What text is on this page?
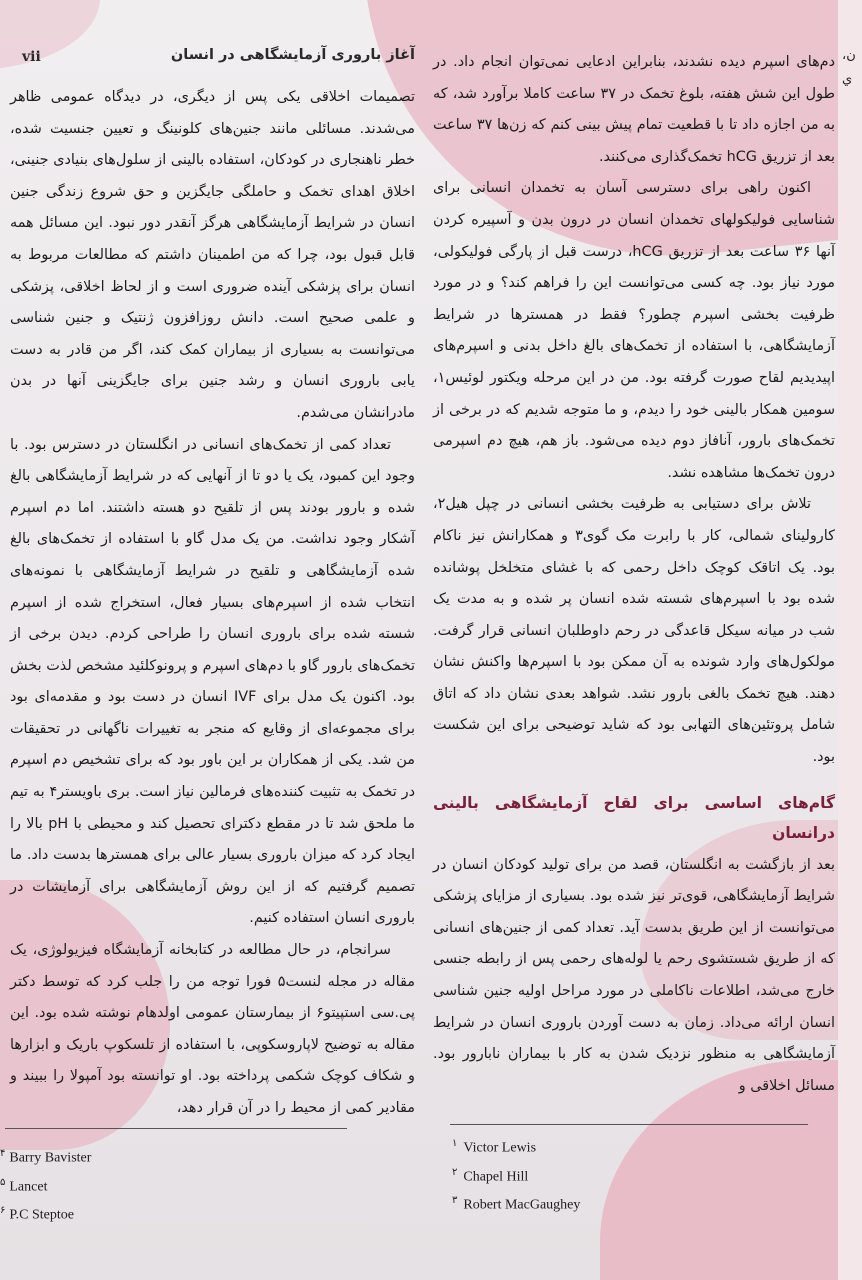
ن،
ي
آغاز باروری آزمایشگاهی در انسان
vii

تصمیمات اخلاقی یکی پس از دیگری، در دیدگاه عمومی ظاهر می‌شدند. مسائلی مانند جنین‌های کلونینگ و تعیین جنسیت شده، خطر ناهنجاری در کودکان، استفاده بالینی از سلول‌های بنیادی جنینی، اخلاق اهدای تخمک و حاملگی جایگزین و حق شروع زندگی جنین انسان در شرایط آزمایشگاهی هرگز آنقدر دور نبود. این مسائل همه قابل قبول بود، چرا که من اطمینان داشتم که مطالعات مربوط به انسان برای پزشکی آینده ضروری است و از لحاظ اخلاقی، پزشکی و علمی صحیح است. دانش روزافزون ژنتیک و جنین شناسی می‌توانست به بسیاری از بیماران کمک کند، اگر من قادر به دست یابی باروری انسان و رشد جنین برای جایگزینی آنها در بدن مادرانشان می‌شدم.

تعداد کمی از تخمک‌های انسانی در انگلستان در دسترس بود. با وجود این کمبود، یک یا دو تا از آنهایی که در شرایط آزمایشگاهی بالغ شده و بارور بودند پس از تلقیح دو هسته داشتند. اما دم اسپرم آشکار وجود نداشت. من یک مدل گاو با استفاده از تخمک‌های بالغ شده آزمایشگاهی و تلقیح در شرایط آزمایشگاهی با نمونه‌های انتخاب شده از اسپرم‌های بسیار فعال، استخراج شده از اسپرم شسته شده برای باروری انسان را طراحی کردم. دیدن برخی از تخمک‌های بارور گاو با دم‌های اسپرم و پرونوکلئید مشخص لذت بخش بود. اکنون یک مدل برای IVF انسان در دست بود و مقدمه‌ای بود برای مجموعه‌ای از وقایع که منجر به تغییرات ناگهانی در تحقیقات من شد. یکی از همکاران بر این باور بود که برای تشخیص دم اسپرم در تخمک به تثبیت کننده‌های فرمالین نیاز است. بری باویستر۴ به تیم ما ملحق شد تا در مقطع دکترای تحصیل کند و محیطی با pH بالا را ایجاد کرد که میزان باروری بسیار عالی برای همسترها بدست داد. ما تصمیم گرفتیم که از این روش آزمایشگاهی برای آزمایشات در باروری انسان استفاده کنیم.

سرانجام، در حال مطالعه در کتابخانه آزمایشگاه فیزیولوژی، یک مقاله در مجله لنست۵ فورا توجه من را جلب کرد که توسط دکتر پی.سی استپیتو۶ از بیمارستان عمومی اولدهام نوشته شده بود. این مقاله به توضیح لاپاروسکوپی، با استفاده از تلسکوپ باریک و ابزارها و شکاف کوچک شکمی پرداخته بود. او توانسته بود آمپولا را ببیند و مقادیر کمی از محیط را در آن قرار دهد،

دم‌های اسپرم دیده نشدند، بنابراین ادعایی نمی‌توان انجام داد. در طول این شش هفته، بلوغ تخمک در ۳۷ ساعت کاملا برآورد شد، که به من اجازه داد تا با قطعیت تمام پیش بینی کنم که زن‌ها ۳۷ ساعت بعد از تزریق hCG تخمک‌گذاری می‌کنند.

اکنون راهی برای دسترسی آسان به تخمدان انسانی برای شناسایی فولیکولهای تخمدان انسان در درون بدن و آسپیره کردن آنها ۳۶ ساعت بعد از تزریق hCG، درست قبل از پارگی فولیکولی، مورد نیاز بود. چه کسی می‌توانست این را فراهم کند؟ و در مورد ظرفیت بخشی اسپرم چطور؟ فقط در همسترها در شرایط آزمایشگاهی، با استفاده از تخمک‌های بالغ داخل بدنی و اسپرم‌های اپیدیدیم لقاح صورت گرفته بود. من در این مرحله ویکتور لوئیس۱، سومین همکار بالینی خود را دیدم، و ما متوجه شدیم که در برخی از تخمک‌های بارور، آنافاز دوم دیده می‌شود. باز هم، هیچ دم اسپرمی درون تخمک‌ها مشاهده نشد.

تلاش برای دستیابی به ظرفیت بخشی انسانی در چپل هیل۲، کارولینای شمالی، کار با رابرت مک گوی۳ و همکارانش نیز ناکام بود. یک اتاقک کوچک داخل رحمی که با غشای متخلخل پوشانده شده بود با اسپرم‌های شسته شده انسان پر شده و به مدت یک شب در میانه سیکل قاعدگی در رحم داوطلبان انسانی قرار گرفت. مولکول‌های وارد شونده به آن ممکن بود با اسپرم‌ها واکنش نشان دهند. هیچ تخمک بالغی بارور نشد. شواهد بعدی نشان داد که اتاق شامل پروتئین‌های التهابی بود که شاید توضیحی برای این شکست بود.

گام‌های اساسی برای لقاح آزمایشگاهی بالینی درانسان

بعد از بازگشت به انگلستان، قصد من برای تولید کودکان انسان در شرایط آزمایشگاهی، قوی‌تر نیز شده بود. بسیاری از مزایای پزشکی می‌توانست از این طریق بدست آید. تعداد کمی از جنین‌های انسانی که از طریق شستشوی رحم یا لوله‌های رحمی پس از رابطه جنسی خارج می‌شد، اطلاعات ناکاملی در مورد مراحل اولیه جنین شناسی انسان ارائه می‌داد. زمان به دست آوردن باروری انسان در شرایط آزمایشگاهی به منظور نزدیک شدن به کار با بیماران نابارور بود. مسائل اخلاقی و

$^۴$ Barry Bavister
$^۵$ Lancet
$^۶$ P.C Steptoe
$^۱$ Victor Lewis
$^۲$ Chapel Hill
$^۳$ Robert MacGaughey
